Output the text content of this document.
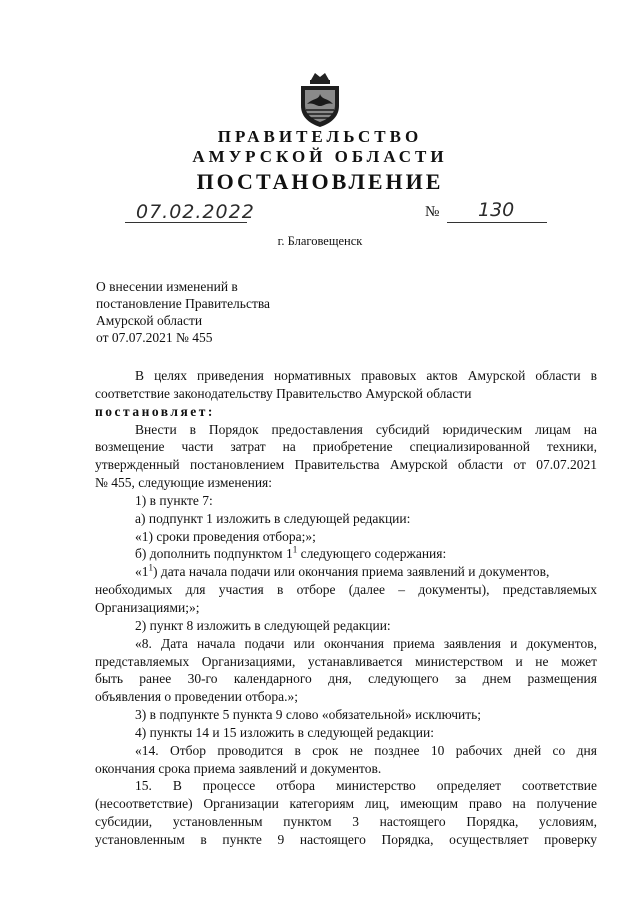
ПРАВИТЕЛЬСТВО
АМУРСКОЙ ОБЛАСТИ
ПОСТАНОВЛЕНИЕ
07.02.2022	№ 130
г. Благовещенск
О внесении изменений в
постановление Правительства
Амурской области
от 07.07.2021 № 455
В целях приведения нормативных правовых актов Амурской области в
соответствие законодательству Правительство Амурской области
постановляет:
Внести в Порядок предоставления субсидий юридическим лицам на
возмещение части затрат на приобретение специализированной техники,
утвержденный постановлением Правительства Амурской области от 07.07.2021
№ 455, следующие изменения:
1) в пункте 7:
а) подпункт 1 изложить в следующей редакции:
«1) сроки проведения отбора;»;
б) дополнить подпунктом $1^1$ следующего содержания:
«$1^1$) дата начала подачи или окончания приема заявлений и документов,
необходимых для участия в отборе (далее – документы), представляемых
Организациями;»;
2) пункт 8 изложить в следующей редакции:
«8. Дата начала подачи или окончания приема заявления и документов,
представляемых Организациями, устанавливается министерством и не может
быть ранее 30-го календарного дня, следующего за днем размещения
объявления о проведении отбора.»;
3) в подпункте 5 пункта 9 слово «обязательной» исключить;
4) пункты 14 и 15 изложить в следующей редакции:
«14. Отбор проводится в срок не позднее 10 рабочих дней со дня
окончания срока приема заявлений и документов.
15. В процессе отбора министерство определяет соответствие
(несоответствие) Организации категориям лиц, имеющим право на получение
субсидии, установленным пунктом 3 настоящего Порядка, условиям,
установленным в пункте 9 настоящего Порядка, осуществляет проверку
